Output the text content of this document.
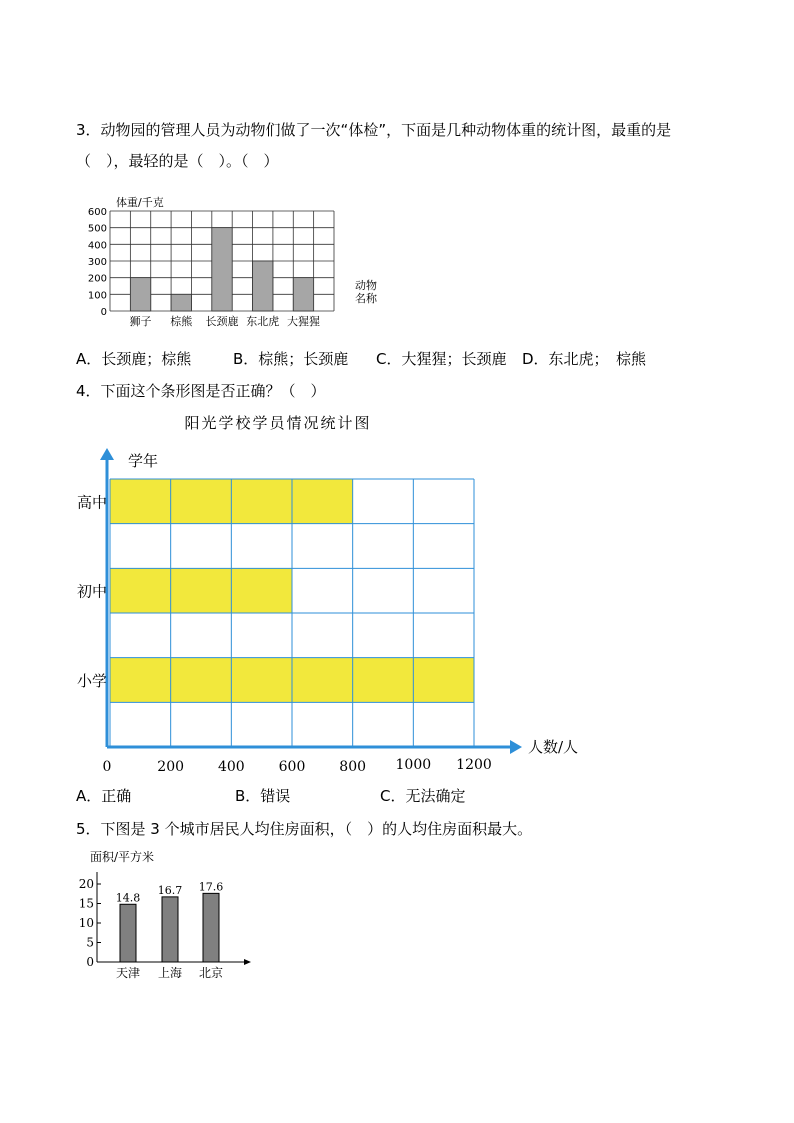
3．动物园的管理人员为动物们做了一次“体检”，下面是几种动物体重的统计图，最重的是
（　），最轻的是（　）。（　）
狮子 棕熊 长颈鹿 东北虎 大猩猩
0
100
200
300
400
500
600
体重/千克
动物
名称
A．长颈鹿；棕熊	B．棕熊；长颈鹿 C．大猩猩；长颈鹿 D．东北虎；　棕熊
4．下面这个条形图是否正确？（　）
阳光学校学员情况统计图
高中
初中
小学
学年
人数/人
0	200 400 600 800 1000 1200
A．正确	B．错误	C．无法确定
5．下图是 3 个城市居民人均住房面积，（　）的人均住房面积最大。
面积/平方米
0
5
10
15
20
14.8
天津
16.7
上海
17.6
北京
